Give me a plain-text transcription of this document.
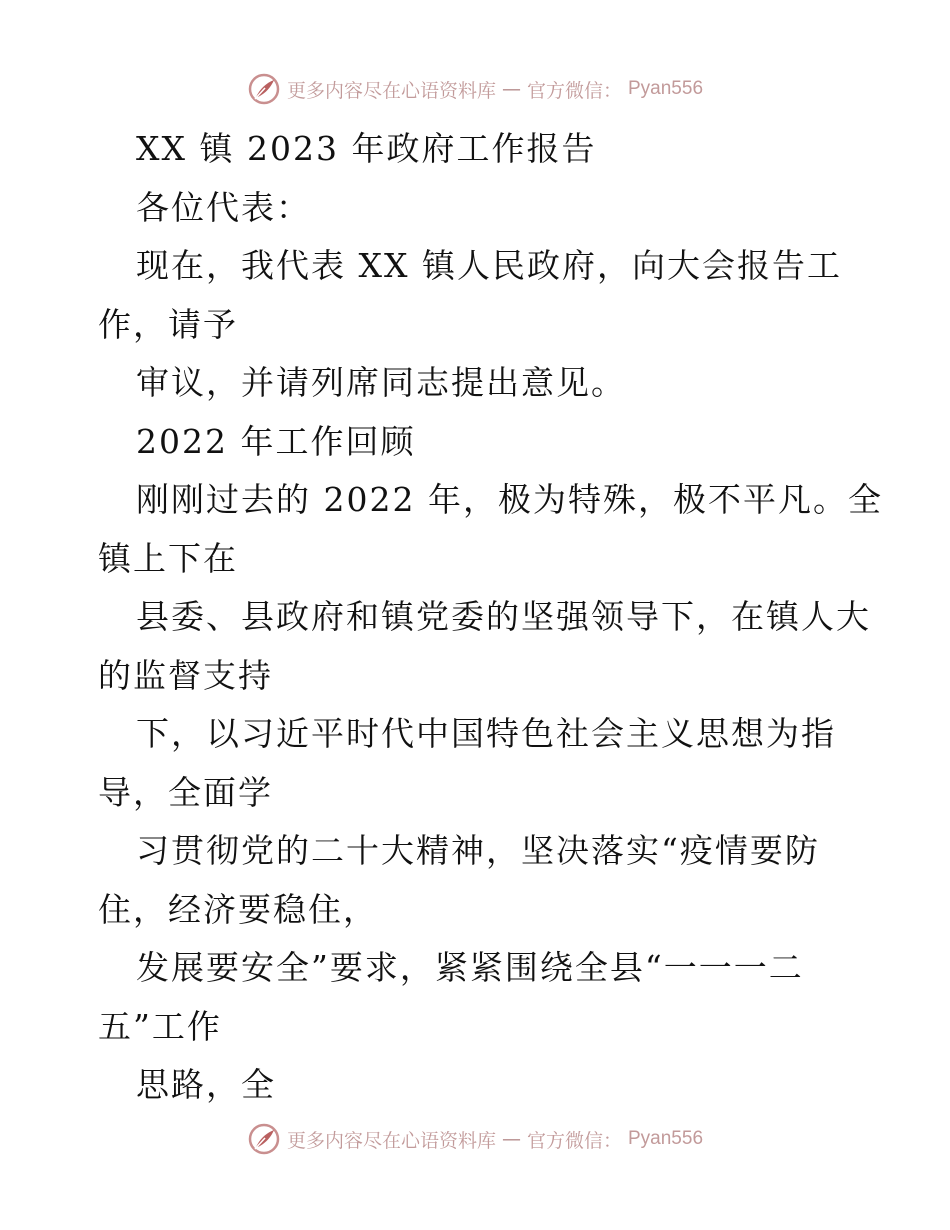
更多内容尽在心语资料库 — 官方微信： Pyan556
XX 镇 2023 年政府工作报告
各位代表：
现在，我代表 XX 镇人民政府，向大会报告工
作，请予
审议，并请列席同志提出意见。
2022 年工作回顾
刚刚过去的 2022 年，极为特殊，极不平凡。全
镇上下在
县委、县政府和镇党委的坚强领导下，在镇人大
的监督支持
下，以习近平时代中国特色社会主义思想为指
导，全面学
习贯彻党的二十大精神，坚决落实“疫情要防
住，经济要稳住，
发展要安全”要求，紧紧围绕全县“一一一二
五”工作
思路，全
更多内容尽在心语资料库 — 官方微信： Pyan556
